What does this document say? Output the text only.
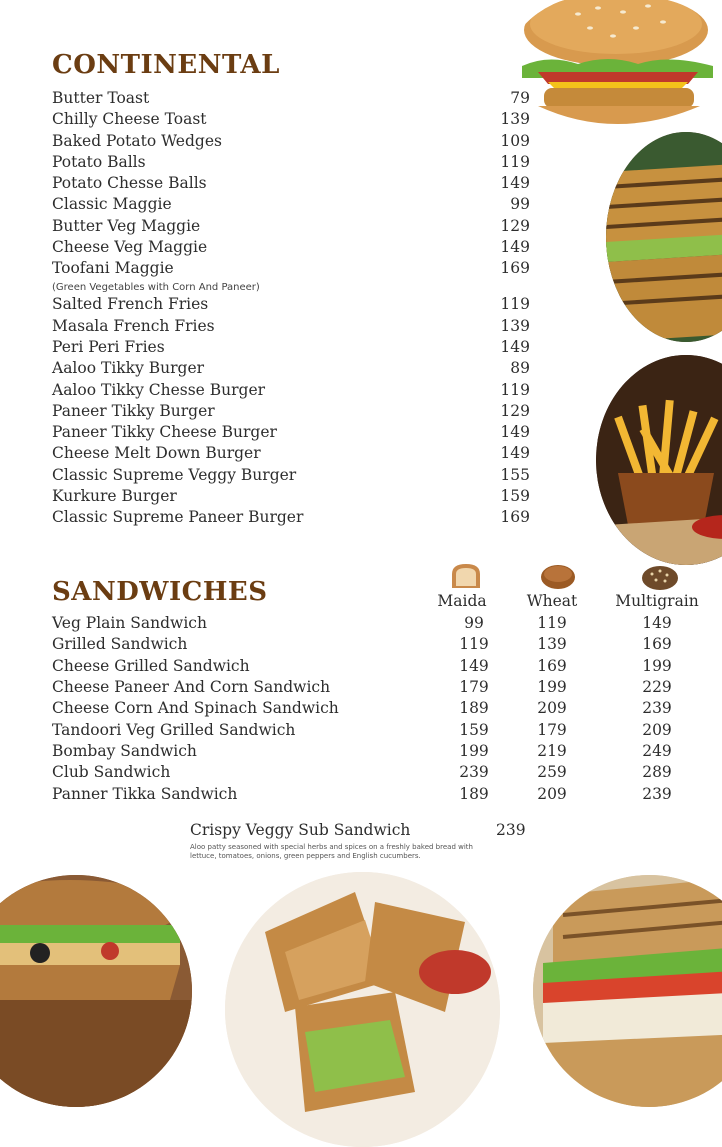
CONTINENTAL
Butter Toast	79
Chilly Cheese Toast	139
Baked Potato Wedges	109
Potato Balls	119
Potato Chesse Balls	149
Classic Maggie	99
Butter Veg Maggie	129
Cheese Veg Maggie	149
Toofani Maggie	169
(Green Vegetables with Corn And Paneer)
Salted French Fries	119
Masala French Fries	139
Peri Peri Fries	149
Aaloo Tikky Burger	89
Aaloo Tikky Chesse Burger	119
Paneer Tikky Burger	129
Paneer Tikky Cheese Burger	149
Cheese Melt Down Burger	149
Classic Supreme Veggy Burger	155
Kurkure Burger	159
Classic Supreme Paneer Burger	169
SANDWICHES	Maida	Wheat	Multigrain
Veg Plain Sandwich	99	119	149
Grilled Sandwich	119	139	169
Cheese Grilled Sandwich	149	169	199
Cheese Paneer And Corn Sandwich	179	199	229
Cheese Corn And Spinach Sandwich	189	209	239
Tandoori Veg Grilled Sandwich	159	179	209
Bombay Sandwich	199	219	249
Club Sandwich	239	259	289
Panner Tikka Sandwich	189	209	239
Crispy Veggy Sub Sandwich	239
Aloo patty seasoned with special herbs and spices on a freshly baked bread with lettuce, tomatoes, onions, green peppers and English cucumbers.
